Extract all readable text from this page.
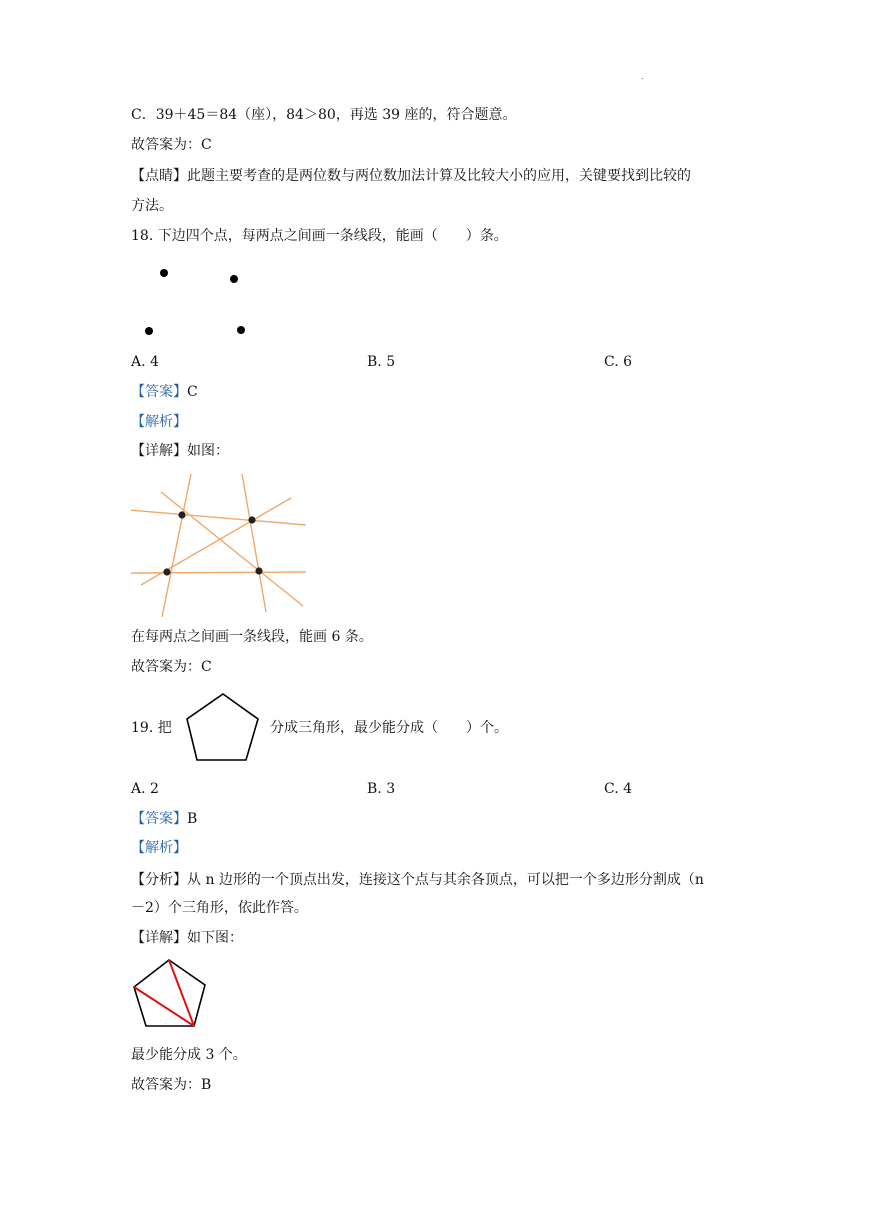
.
C．39＋45＝84（座），84＞80，再选 39 座的，符合题意。
故答案为：C
【点睛】此题主要考查的是两位数与两位数加法计算及比较大小的应用，关键要找到比较的
方法。
18. 下边四个点，每两点之间画一条线段，能画（　　）条。
A. 4	B. 5	C. 6
【答案】C
【解析】
【详解】如图：
在每两点之间画一条线段，能画 6 条。
故答案为：C
19. 把	分成三角形，最少能分成（　　）个。
A. 2	B. 3	C. 4
【答案】B
【解析】
【分析】从 n 边形的一个顶点出发，连接这个点与其余各顶点，可以把一个多边形分割成（n
－2）个三角形，依此作答。
【详解】如下图：
最少能分成 3 个。
故答案为：B
